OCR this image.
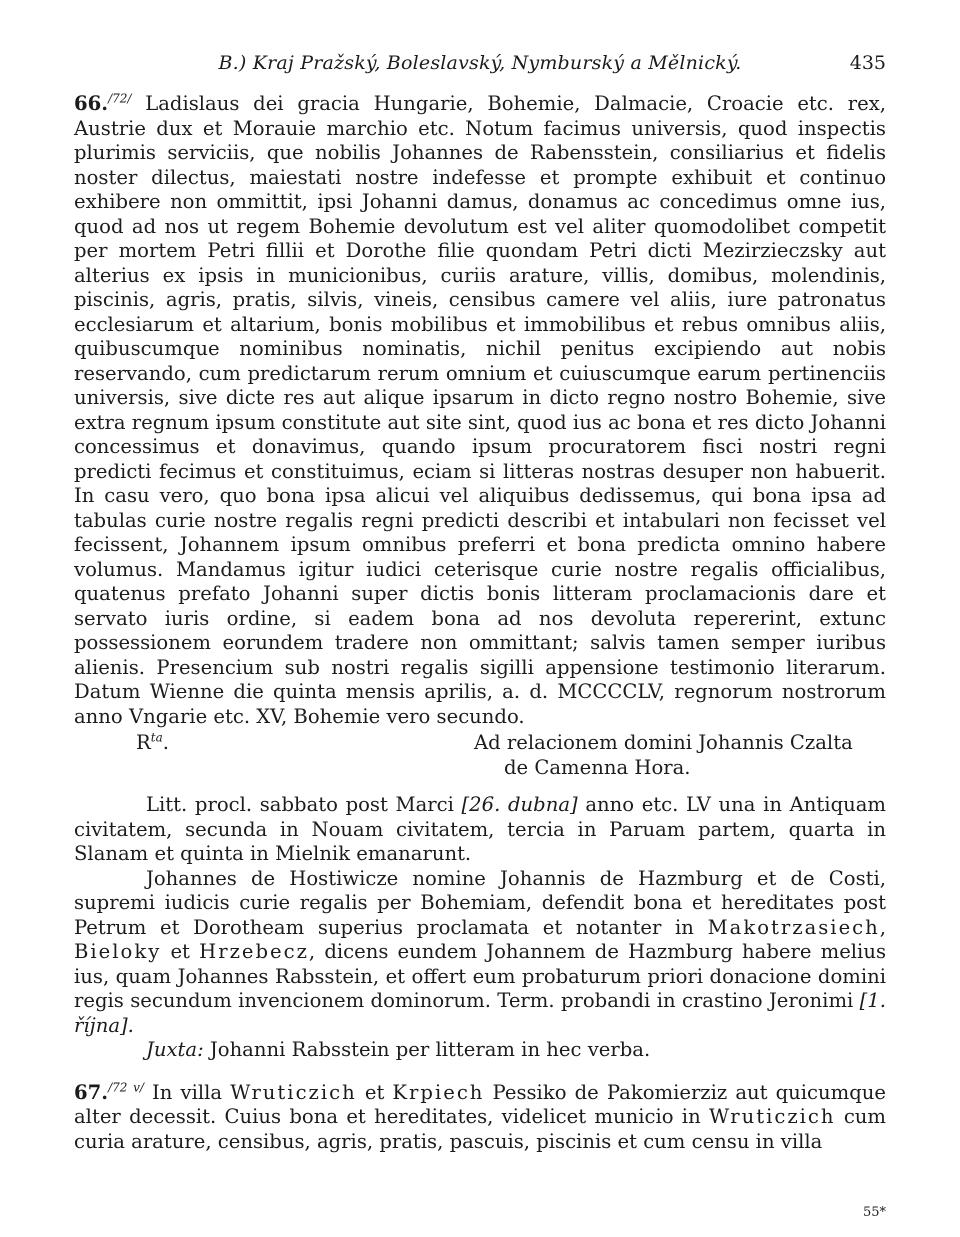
B.) Kraj Pražský, Boleslavský, Nymburský a Mělnický.	435

66.$^{/72/}$ Ladislaus dei gracia Hungarie, Bohemie, Dalmacie, Croacie etc. rex, Austrie dux et Morauie marchio etc. Notum facimus universis, quod inspectis plurimis serviciis, que nobilis Johannes de Rabensstein, consiliarius et fidelis noster dilectus, maiestati nostre indefesse et prompte exhibuit et continuo exhibere non ommittit, ipsi Johanni damus, donamus ac concedimus omne ius, quod ad nos ut regem Bohemie devolutum est vel aliter quomodolibet competit per mortem Petri fillii et Dorothe filie quondam Petri dicti Mezirzieczsky aut alterius ex ipsis in municionibus, curiis arature, villis, domibus, molendinis, piscinis, agris, pratis, silvis, vineis, censibus camere vel aliis, iure patronatus ecclesiarum et altarium, bonis mobilibus et immobilibus et rebus omnibus aliis, quibuscumque nominibus nominatis, nichil penitus excipiendo aut nobis reservando, cum predictarum rerum omnium et cuiuscumque earum pertinenciis universis, sive dicte res aut alique ipsarum in dicto regno nostro Bohemie, sive extra regnum ipsum constitute aut site sint, quod ius ac bona et res dicto Johanni concessimus et donavimus, quando ipsum procuratorem fisci nostri regni predicti fecimus et constituimus, eciam si litteras nostras desuper non habuerit. In casu vero, quo bona ipsa alicui vel aliquibus dedissemus, qui bona ipsa ad tabulas curie nostre regalis regni predicti describi et intabulari non fecisset vel fecissent, Johannem ipsum omnibus preferri et bona predicta omnino habere volumus. Mandamus igitur iudici ceterisque curie nostre regalis officialibus, quatenus prefato Johanni super dictis bonis litteram proclamacionis dare et servato iuris ordine, si eadem bona ad nos devoluta repererint, extunc possessionem eorundem tradere non ommittant; salvis tamen semper iuribus alienis. Presencium sub nostri regalis sigilli appensione testimonio literarum. Datum Wienne die quinta mensis aprilis, a. d. MCCCCLV, regnorum nostrorum anno Vngarie etc. XV, Bohemie vero secundo.

$R^{ta}$.	Ad relacionem domini Johannis Czalta
de Camenna Hora.

Litt. procl. sabbato post Marci [26. dubna] anno etc. LV una in Antiquam civitatem, secunda in Nouam civitatem, tercia in Paruam partem, quarta in Slanam et quinta in Mielnik emanarunt.

Johannes de Hostiwicze nomine Johannis de Hazmburg et de Costi, supremi iudicis curie regalis per Bohemiam, defendit bona et hereditates post Petrum et Dorotheam superius proclamata et notanter in Makotrzasiech, Bieloky et Hrzebecz, dicens eundem Johannem de Hazmburg habere melius ius, quam Johannes Rabsstein, et offert eum probaturum priori donacione domini regis secundum invencionem dominorum. Term. probandi in crastino Jeronimi [1. října].

Juxta: Johanni Rabsstein per litteram in hec verba.

67.$^{/72 v/}$ In villa Wruticzich et Krpiech Pessiko de Pakomierziz aut quicumque alter decessit. Cuius bona et hereditates, videlicet municio in Wruticzich cum curia arature, censibus, agris, pratis, pascuis, piscinis et cum censu in villa

55*
